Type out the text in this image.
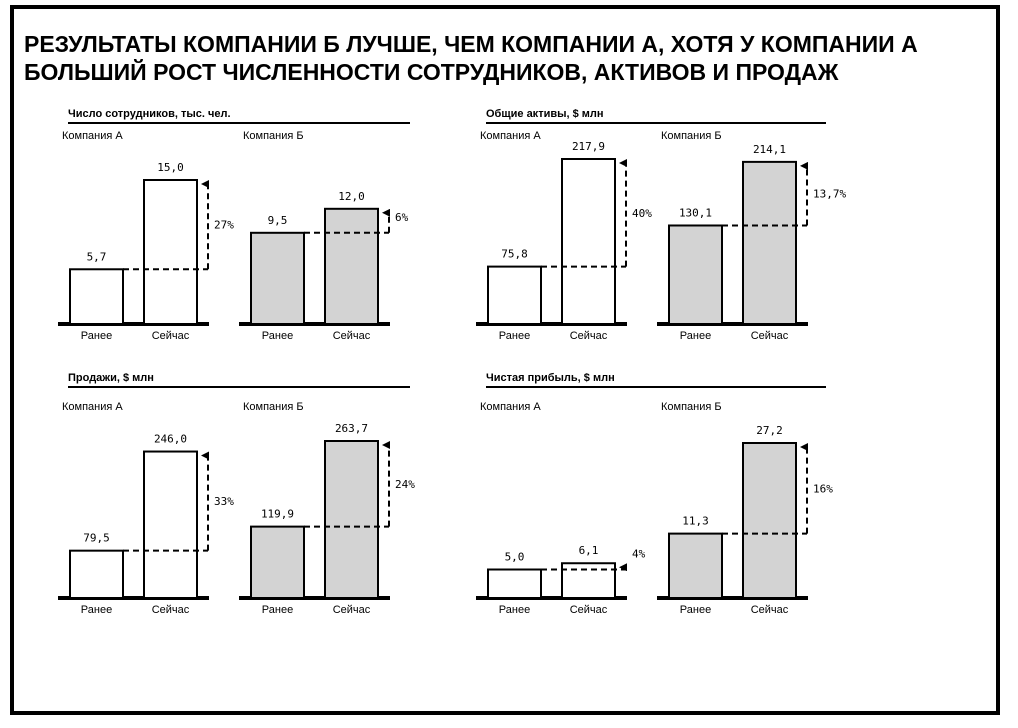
РЕЗУЛЬТАТЫ КОМПАНИИ Б ЛУЧШЕ, ЧЕМ КОМПАНИИ А, ХОТЯ У КОМПАНИИ А
БОЛЬШИЙ РОСТ ЧИСЛЕННОСТИ СОТРУДНИКОВ, АКТИВОВ И ПРОДАЖ
Число сотрудников, тыс. чел.
Компания А
5,7
15,0
27%
Ранее	Сейчас
Компания Б
9,5
12,0
6%
Ранее	Сейчас
Общие активы, $ млн
Компания А
75,8
217,9
40%
Ранее	Сейчас
Компания Б
130,1
214,1
13,7%
Ранее	Сейчас
Продажи, $ млн
Компания А
79,5
246,0
33%
Ранее	Сейчас
Компания Б
119,9
263,7
24%
Ранее	Сейчас
Чистая прибыль, $ млн
Компания А
5,0	6,1	4%
Ранее	Сейчас
Компания Б
11,3
27,2
16%
Ранее	Сейчас
